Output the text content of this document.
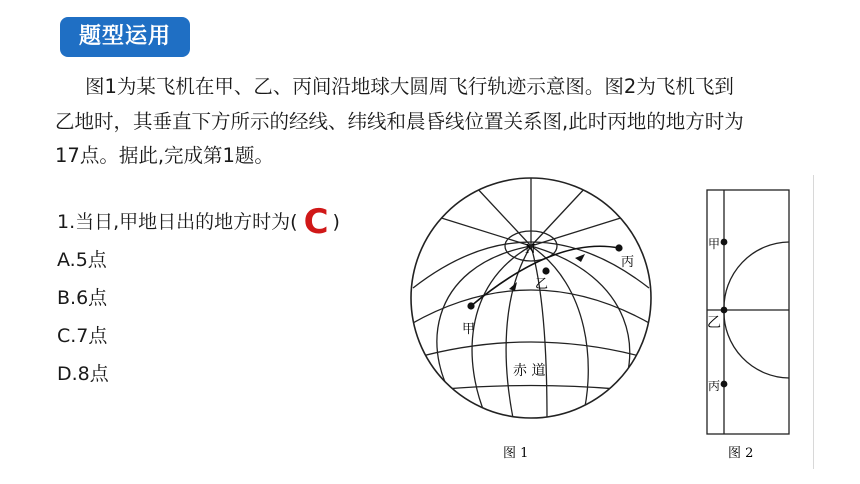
题型运用
图1为某飞机在甲、乙、丙间沿地球大圆周飞行轨迹示意图。图2为飞机飞到
乙地时，其垂直下方所示的经线、纬线和晨昏线位置关系图,此时丙地的地方时为
17点。据此,完成第1题。
1.当日,甲地日出的地方时为( C )
A.5点
B.6点
C.7点
D.8点
N
甲
乙
丙
赤 道
图 1
甲
乙
丙
图 2
